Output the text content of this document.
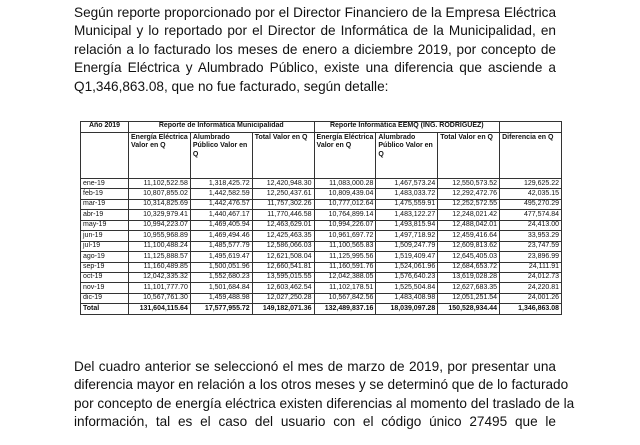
Según reporte proporcionado por el Director Financiero de la Empresa Eléctrica
Municipal y lo reportado por el Director de Informática de la Municipalidad, en
relación a lo facturado los meses de enero a diciembre 2019, por concepto de
Energía Eléctrica y Alumbrado Público, existe una diferencia que asciende a
Q1,346,863.08, que no fue facturado, según detalle:

Año 2019	Reporte de Informática Municipalidad			Reporte Informática EEMQ (ING. RODRIGUEZ)			
	Energía Eléctrica Valor en Q	Alumbrado Público Valor en Q	Total Valor en Q	Energía Eléctrica Valor en Q	Alumbrado Público Valor en Q	Total Valor en Q	Diferencia en Q
ene-19	11,102,522.58	1,318,425.72	12,420,948.30	11,083,000.28	1,467,573.24	12,550,573.52	129,625.22
feb-19	10,807,855.02	1,442,582.59	12,250,437.61	10,809,439.04	1,483,033.72	12,292,472.76	42,035.15
mar-19	10,314,825.69	1,442,476.57	11,757,302.26	10,777,012.64	1,475,559.91	12,252,572.55	495,270.29
abr-19	10,329,979.41	1,440,467.17	11,770,446.58	10,764,899.14	1,483,122.27	12,248,021.42	477,574.84
may-19	10,994,223.07	1,469,405.94	12,463,629.01	10,994,226.07	1,493,815.94	12,488,042.01	24,413.00
jun-19	10,955,968.89	1,469,494.46	12,425,463.35	10,961,697.72	1,497,718.92	12,459,416.64	33,953.29
jul-19	11,100,488.24	1,485,577.79	12,586,066.03	11,100,565.83	1,509,247.79	12,609,813.62	23,747.59
ago-19	11,125,888.57	1,495,619.47	12,621,508.04	11,125,995.56	1,519,409.47	12,645,405.03	23,896.99
sep-19	11,160,489.85	1,500,051.96	12,660,541.81	11,160,591.76	1,524,061.96	12,684,653.72	24,111.91
oct-19	12,042,335.32	1,552,680.23	13,595,015.55	12,042,388.05	1,576,640.23	13,619,028.28	24,012.73
nov-19	11,101,777.70	1,501,684.84	12,603,462.54	11,102,178.51	1,525,504.84	12,627,683.35	24,220.81
dic-19	10,567,761.30	1,459,488.98	12,027,250.28	10,567,842.56	1,483,408.98	12,051,251.54	24,001.26
Total	131,604,115.64	17,577,955.72	149,182,071.36	132,489,837.16	18,039,097.28	150,528,934.44	1,346,863.08

Del cuadro anterior se seleccionó el mes de marzo de 2019, por presentar una
diferencia mayor en relación a los otros meses y se determinó que de lo facturado
por concepto de energía eléctrica existen diferencias al momento del traslado de la
información, tal es el caso del usuario con el código único 27495 que le
